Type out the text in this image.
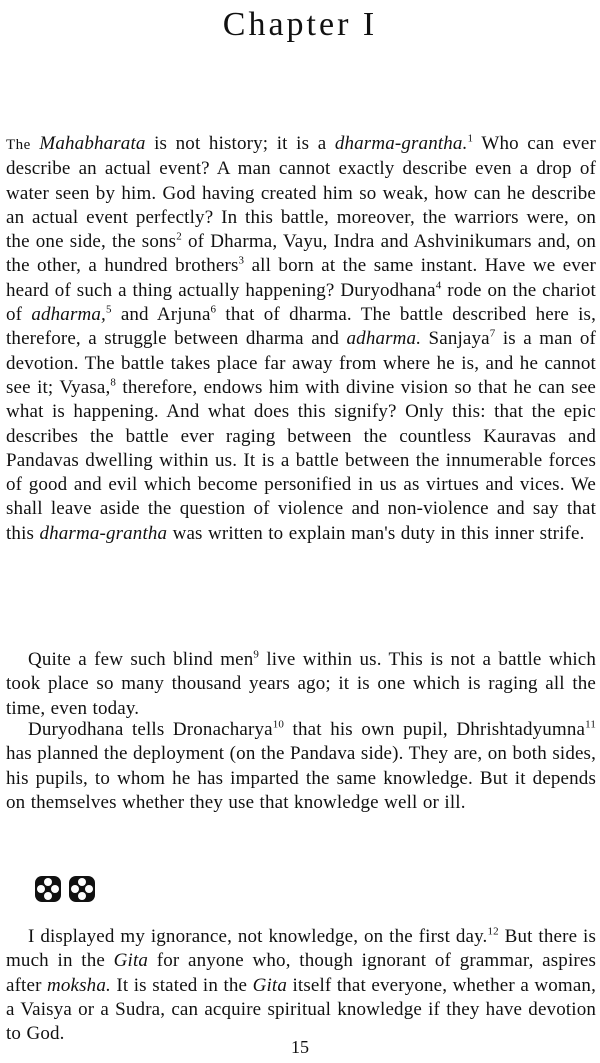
Chapter I

The Mahabharata is not history; it is a dharma-grantha.$^1$ Who can ever describe an actual event? A man cannot exactly describe even a drop of water seen by him. God having created him so weak, how can he describe an actual event perfectly? In this battle, moreover, the warriors were, on the one side, the sons$^2$ of Dharma, Vayu, Indra and Ashvinikumars and, on the other, a hundred brothers$^3$ all born at the same instant. Have we ever heard of such a thing actually happening? Duryodhana$^4$ rode on the chariot of adharma,$^5$ and Arjuna$^6$ that of dharma. The battle described here is, therefore, a struggle between dharma and adharma. Sanjaya$^7$ is a man of devotion. The battle takes place far away from where he is, and he cannot see it; Vyasa,$^8$ therefore, endows him with divine vision so that he can see what is happening. And what does this signify? Only this: that the epic describes the battle ever raging between the countless Kauravas and Pandavas dwelling within us. It is a battle between the innumerable forces of good and evil which become personified in us as virtues and vices. We shall leave aside the question of violence and non-violence and say that this dharma-grantha was written to explain man's duty in this inner strife.

Quite a few such blind men$^9$ live within us. This is not a battle which took place so many thousand years ago; it is one which is raging all the time, even today.

Duryodhana tells Dronacharya$^{10}$ that his own pupil, Dhrishtadyumna$^{11}$ has planned the deployment (on the Pandava side). They are, on both sides, his pupils, to whom he has imparted the same knowledge. But it depends on themselves whether they use that knowledge well or ill.

I displayed my ignorance, not knowledge, on the first day.$^{12}$ But there is much in the Gita for anyone who, though ignorant of grammar, aspires after moksha. It is stated in the Gita itself that everyone, whether a woman, a Vaisya or a Sudra, can acquire spiritual knowledge if they have devotion to God.

15
